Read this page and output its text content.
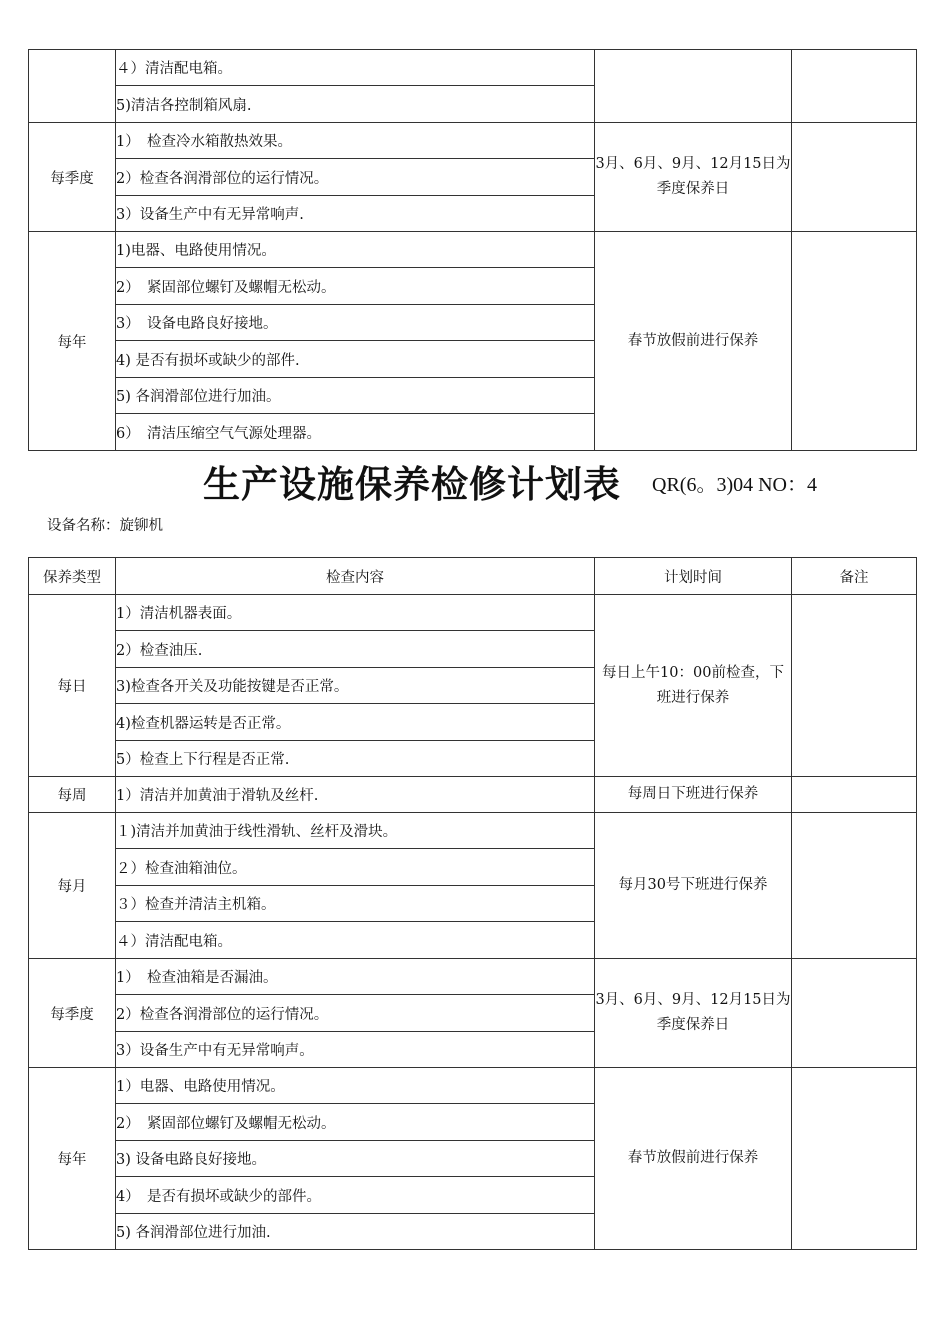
	４）清洁配电箱。		
	5)清洁各控制箱风扇.		
每季度	1）　检查冷水箱散热效果。	3月、6月、9月、12月15日为季度保养日	
	2）检查各润滑部位的运行情况。		
	3）设备生产中有无异常响声.		
每年	1)电器、电路使用情况。	春节放假前进行保养	
	2）　紧固部位螺钉及螺帽无松动。		
	3）　设备电路良好接地。		
	4) 是否有损坏或缺少的部件.		
	5) 各润滑部位进行加油。		
	6）　清洁压缩空气气源处理器。		
生产设施保养检修计划表 QR(6。3)04 NO：4
设备名称：旋铆机
保养类型	检查内容	计划时间	备注
每日	1）清洁机器表面。	每日上午10：00前检查，下班进行保养	
	2）检查油压.		
	3)检查各开关及功能按键是否正常。		
	4)检查机器运转是否正常。		
	5）检查上下行程是否正常.		
每周	1）清洁并加黄油于滑轨及丝杆.	每周日下班进行保养	
每月	１)清洁并加黄油于线性滑轨、丝杆及滑块。	每月30号下班进行保养	
	２）检查油箱油位。		
	３）检查并清洁主机箱。		
	４）清洁配电箱。		
每季度	1）　检查油箱是否漏油。	3月、6月、9月、12月15日为季度保养日	
	2）检查各润滑部位的运行情况。		
	3）设备生产中有无异常响声。		
每年	1）电器、电路使用情况。	春节放假前进行保养	
	2）　紧固部位螺钉及螺帽无松动。		
	3) 设备电路良好接地。		
	4）　是否有损坏或缺少的部件。		
	5) 各润滑部位进行加油.		
